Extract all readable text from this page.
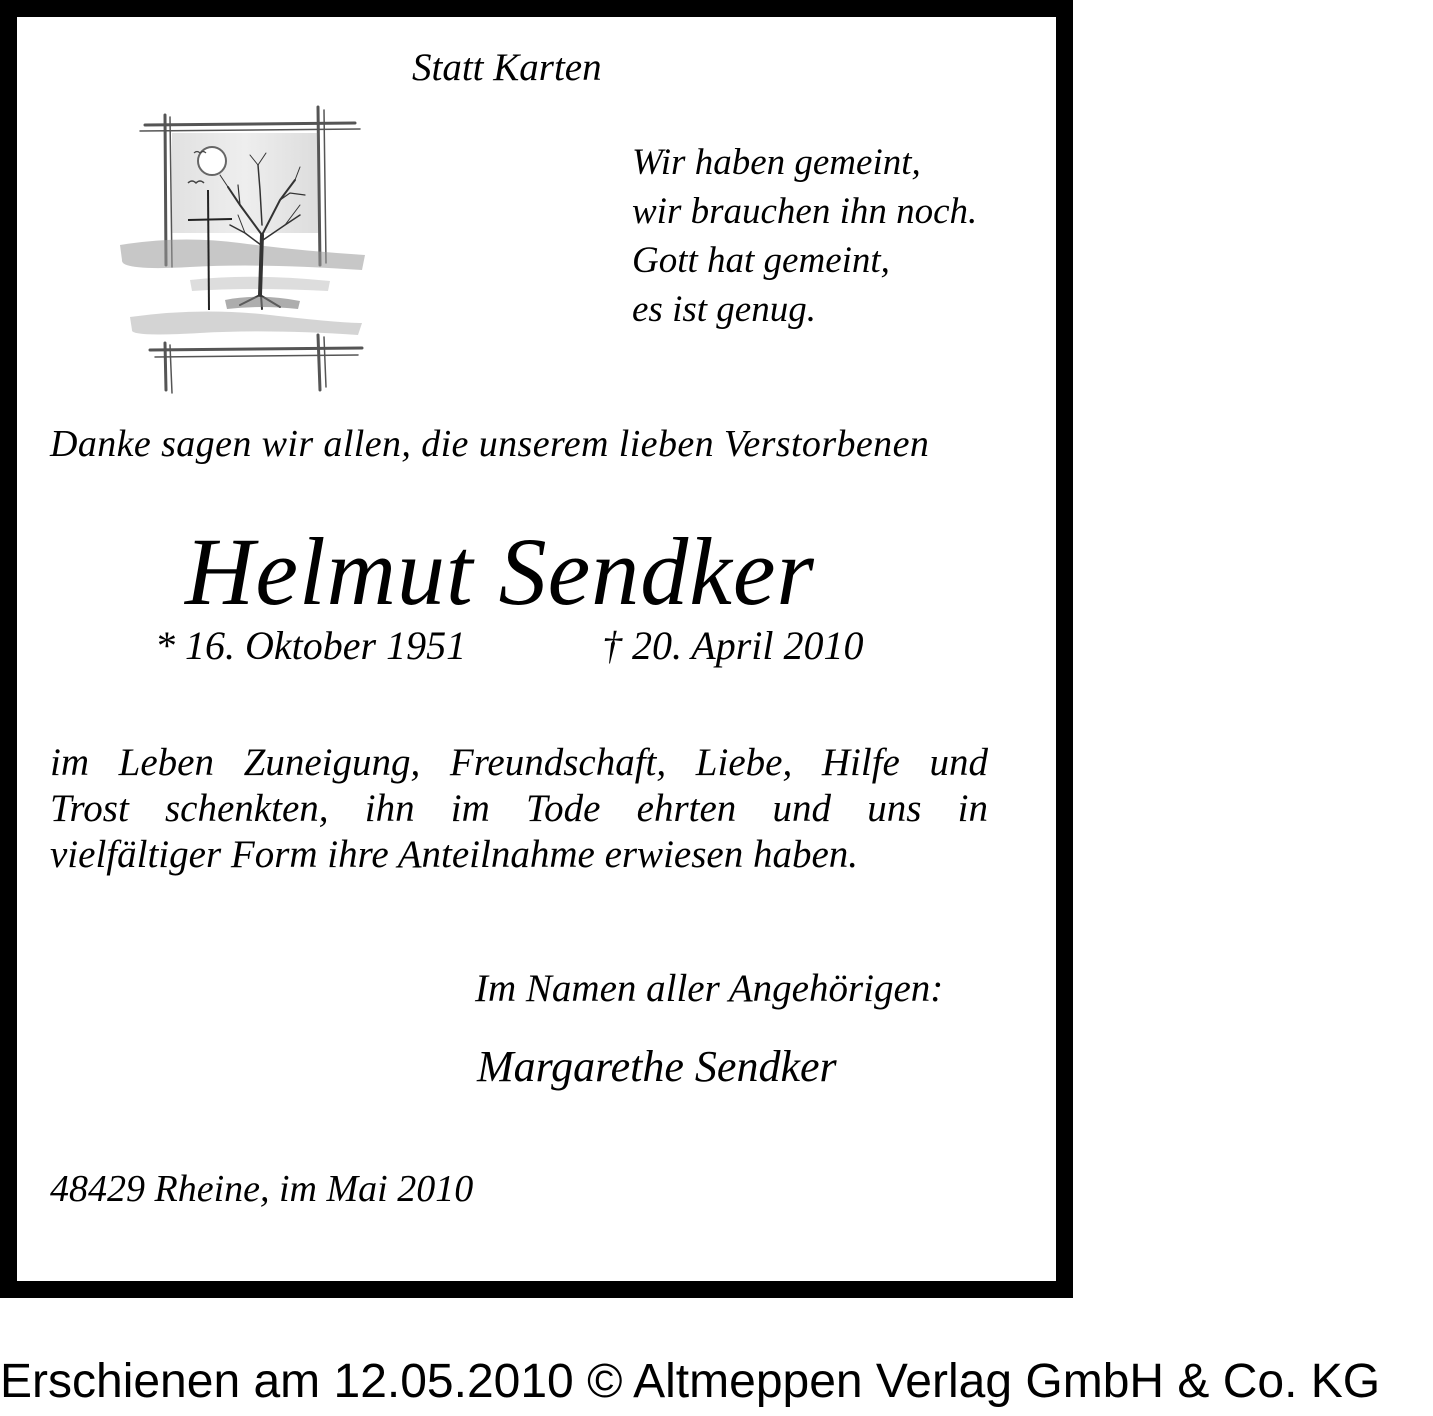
Statt Karten
Wir haben gemeint,
wir brauchen ihn noch.
Gott hat gemeint,
es ist genug.
Danke sagen wir allen, die unserem lieben Verstorbenen
Helmut Sendker
* 16. Oktober 1951	† 20. April 2010
im Leben Zuneigung, Freundschaft, Liebe, Hilfe und
Trost schenkten, ihn im Tode ehrten und uns in
vielfältiger Form ihre Anteilnahme erwiesen haben.
Im Namen aller Angehörigen:
Margarethe Sendker
48429 Rheine, im Mai 2010
Erschienen am 12.05.2010 © Altmeppen Verlag GmbH & Co. KG
